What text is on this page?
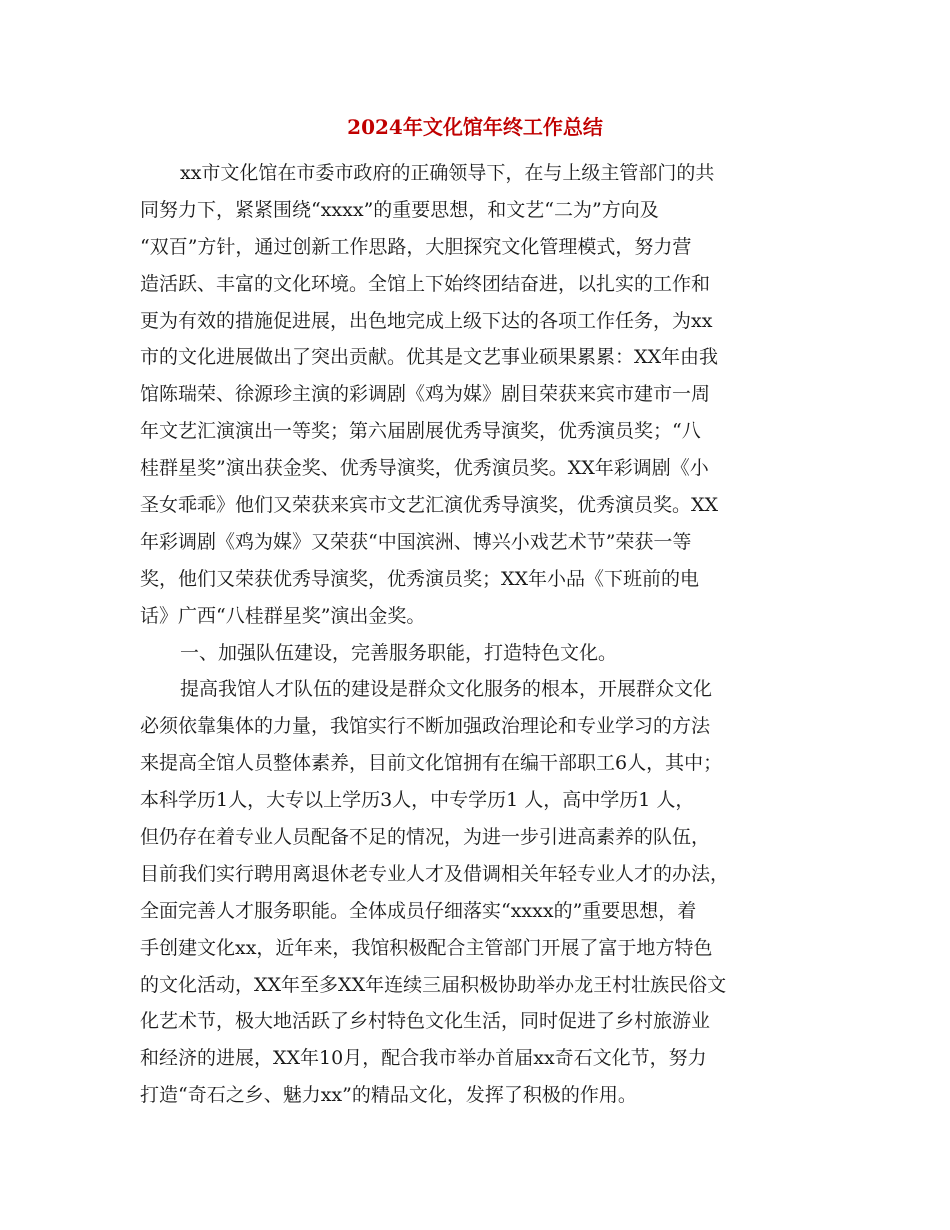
2024年文化馆年终工作总结
xx市文化馆在市委市政府的正确领导下，在与上级主管部门的共
同努力下，紧紧围绕“xxxx”的重要思想，和文艺“二为”方向及
“双百”方针，通过创新工作思路，大胆探究文化管理模式，努力营
造活跃、丰富的文化环境。全馆上下始终团结奋进，以扎实的工作和
更为有效的措施促进展，出色地完成上级下达的各项工作任务，为xx
市的文化进展做出了突出贡献。优其是文艺事业硕果累累：XX年由我
馆陈瑞荣、徐源珍主演的彩调剧《鸡为媒》剧目荣获来宾市建市一周
年文艺汇演演出一等奖；第六届剧展优秀导演奖，优秀演员奖；“八
桂群星奖”演出获金奖、优秀导演奖，优秀演员奖。XX年彩调剧《小
圣女乖乖》他们又荣获来宾市文艺汇演优秀导演奖，优秀演员奖。XX
年彩调剧《鸡为媒》又荣获“中国滨洲、博兴小戏艺术节”荣获一等
奖，他们又荣获优秀导演奖，优秀演员奖；XX年小品《下班前的电
话》广西“八桂群星奖”演出金奖。
一、加强队伍建设，完善服务职能，打造特色文化。
提高我馆人才队伍的建设是群众文化服务的根本，开展群众文化
必须依靠集体的力量，我馆实行不断加强政治理论和专业学习的方法
来提高全馆人员整体素养，目前文化馆拥有在编干部职工6人，其中；
本科学历1人，大专以上学历3人，中专学历1 人，高中学历1 人，
但仍存在着专业人员配备不足的情况，为进一步引进高素养的队伍，
目前我们实行聘用离退休老专业人才及借调相关年轻专业人才的办法，
全面完善人才服务职能。全体成员仔细落实“xxxx的”重要思想，着
手创建文化xx，近年来，我馆积极配合主管部门开展了富于地方特色
的文化活动，XX年至多XX年连续三届积极协助举办龙王村壮族民俗文
化艺术节，极大地活跃了乡村特色文化生活，同时促进了乡村旅游业
和经济的进展，XX年10月，配合我市举办首届xx奇石文化节，努力
打造“奇石之乡、魅力xx”的精品文化，发挥了积极的作用。
